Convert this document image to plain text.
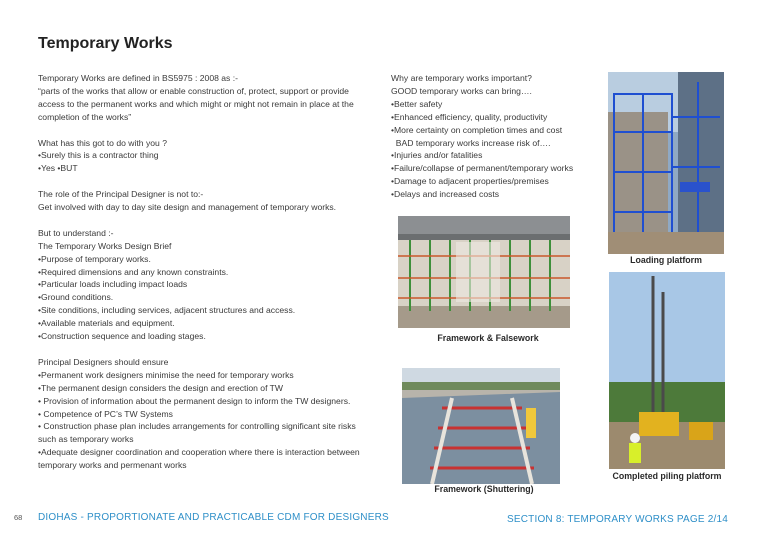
Temporary Works

Temporary Works are defined in BS5975 : 2008 as :-

“parts of the works that allow or enable construction of, protect, support or provide access to the permanent works and which might or might not remain in place at the completion of the works”

What has this got to do with you ?

•Surely this is a contractor thing

•Yes •BUT

The role of the Principal Designer is not to:-

Get involved with day to day site design and management of temporary works.

But to understand :-

The Temporary Works Design Brief

•Purpose of temporary works.

•Required dimensions and any known constraints.

•Particular loads including impact loads

•Ground conditions.

•Site conditions, including services, adjacent structures and access.

•Available materials and equipment.

•Construction sequence and loading stages.

Principal Designers should ensure

•Permanent work designers minimise the need for temporary works

•The permanent design considers the design and erection of TW

• Provision of information about the permanent design to inform the TW designers.

• Competence of PC’s TW Systems

• Construction phase plan includes arrangements for controlling significant site risks such as temporary works

•Adequate designer coordination and cooperation where there is interaction between temporary works and permenant works

Why are temporary works important?

GOOD temporary works can bring….

•Better safety

•Enhanced efficiency, quality, productivity

•More certainty on completion times and cost

BAD temporary works increase risk of….

•Injuries and/or fatalities

•Failure/collapse of permanent/temporary works

•Damage to adjacent properties/premises

•Delays and increased costs

Loading platform
Framework & Falsework
Framework (Shuttering)
Completed piling platform
68 DIOHAS - PROPORTIONATE AND PRACTICABLE CDM FOR DESIGNERS	SECTION 8: TEMPORARY WORKS PAGE 2/14
